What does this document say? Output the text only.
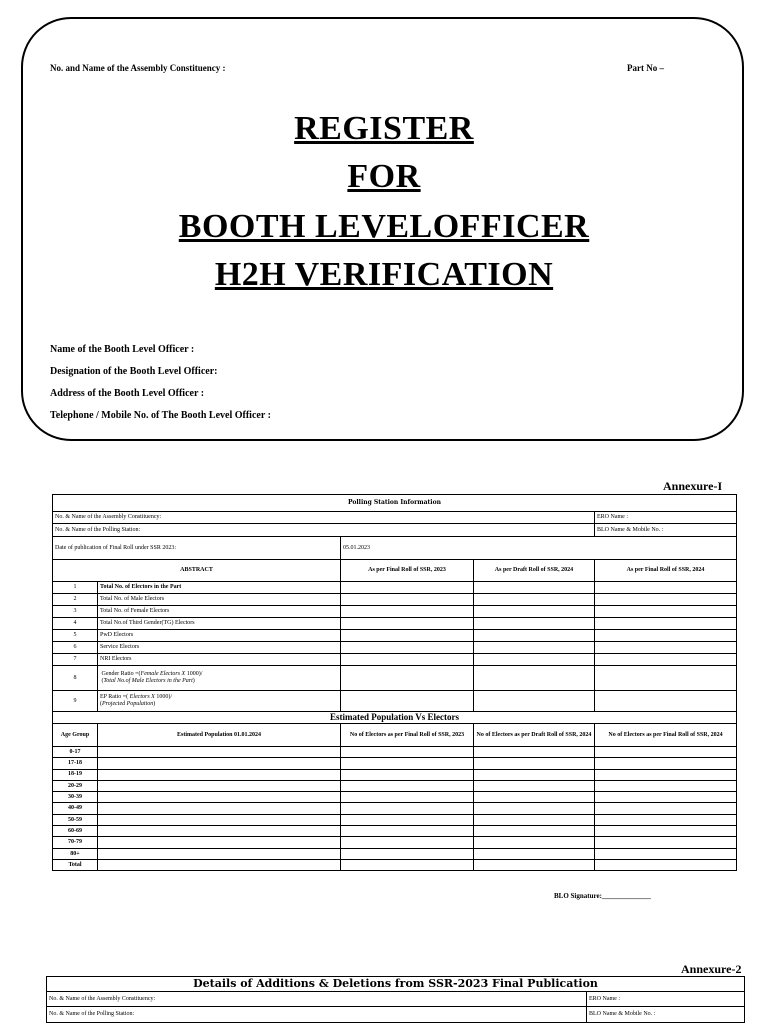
No. and Name of the Assembly Constituency :	Part No –
REGISTER
FOR
BOOTH LEVELOFFICER
H2H VERIFICATION
Name of the Booth Level Officer :
Designation of the Booth Level Officer:
Address of the Booth Level Officer :
Telephone / Mobile No. of The Booth Level Officer :
Annexure-I
Polling Station Information				
No. & Name of the Assembly Constituency:				ERO Name :
No. & Name of the Polling Station:				BLO Name & Mobile No. :
Date of publication of Final Roll under SSR 2023:		05.01.2023		
ABSTRACT		As per Final Roll of SSR, 2023	As per Draft Roll of SSR, 2024	As per Final Roll of SSR, 2024
1	Total No. of Electors in the Part			
2	Total No. of Male Electors			
3	Total No. of Female Electors			
4	Total No.of Third Gender(TG) Electors			
5	PwD Electors			
6	Service Electors			
7	NRI Electors			
8	Gender Ratio =(Female Electors X 1000)/
(Total No.of Male Electors in the Part)			

9	EP Ratio =( Electors X 1000)/
(Projected Population)			

Estimated Population Vs Electors				
Age Group	Estimated Population 01.01.2024	No of Electors as per Final Roll of SSR, 2023	No of Electors as per Draft Roll of SSR, 2024	No of Electors as per Final Roll of SSR, 2024
0-17				
17-18				
18-19				
20-29				
30-39				
40-49				
50-59				
60-69				
70-79				
80+				
Total				
BLO Signature:______________
Annexure-2
Details of Additions & Deletions from SSR-2023 Final Publication	
No. & Name of the Assembly Constituency:	ERO Name :
No. & Name of the Polling Station:	BLO Name & Mobile No. :
